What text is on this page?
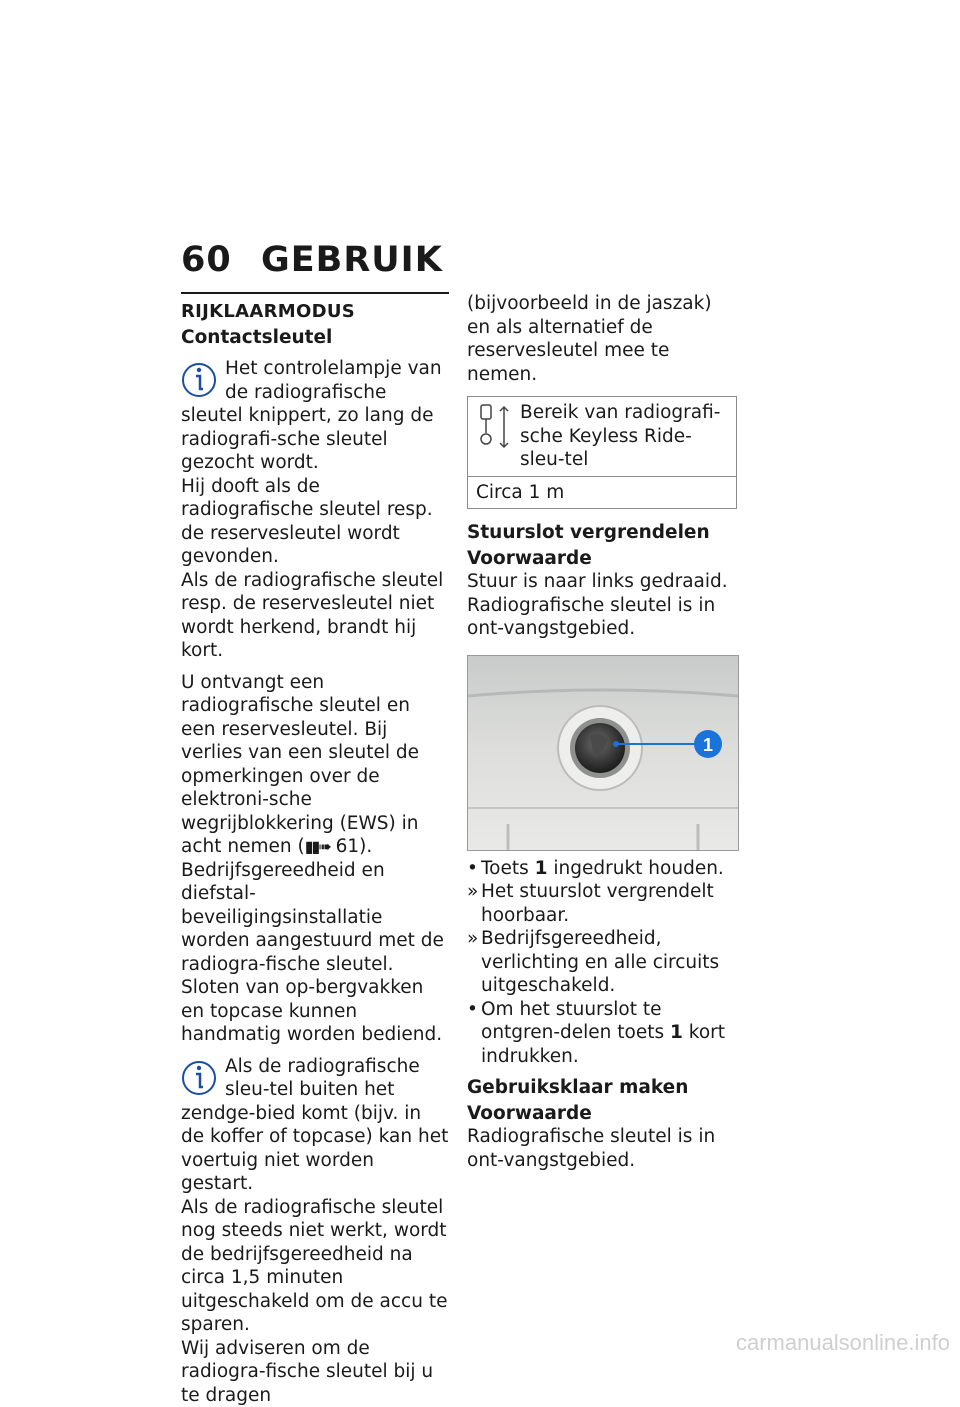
60 GEBRUIK
RIJKLAARMODUS
Contactsleutel
Het controlelampje van de radiografische sleutel knippert, zo lang de radiografi-sche sleutel gezocht wordt.

Hij dooft als de radiografische sleutel resp. de reservesleutel wordt gevonden.

Als de radiografische sleutel resp. de reservesleutel niet wordt herkend, brandt hij kort.

U ontvangt een radiografische sleutel en een reservesleutel. Bij verlies van een sleutel de opmerkingen over de elektroni-sche wegrijblokkering (EWS) in acht nemen (▮▮➠ 61).

Bedrijfsgereedheid en diefstal-beveiligingsinstallatie worden aangestuurd met de radiogra-fische sleutel. Sloten van op-bergvakken en topcase kunnen handmatig worden bediend.

Als de radiografische sleu-tel buiten het zendge-bied komt (bijv. in de koffer of topcase) kan het voertuig niet worden gestart.

Als de radiografische sleutel nog steeds niet werkt, wordt de bedrijfsgereedheid na circa 1,5 minuten uitgeschakeld om de accu te sparen.

Wij adviseren om de radiogra-fische sleutel bij u te dragen

(bijvoorbeeld in de jaszak) en als alternatief de reservesleutel mee te nemen.

Bereik van radiografi-sche Keyless Ride-sleu-tel
Circa 1 m
Stuurslot vergrendelen
Voorwaarde

Stuur is naar links gedraaid.

Radiografische sleutel is in ont-vangstgebied.

1
• Toets 1 ingedrukt houden.
» Het stuurslot vergrendelt hoorbaar.
» Bedrijfsgereedheid, verlichting en alle circuits uitgeschakeld.
• Om het stuurslot te ontgren-delen toets 1 kort indrukken.
Gebruiksklaar maken
Voorwaarde

Radiografische sleutel is in ont-vangstgebied.

carmanualsonline.info
